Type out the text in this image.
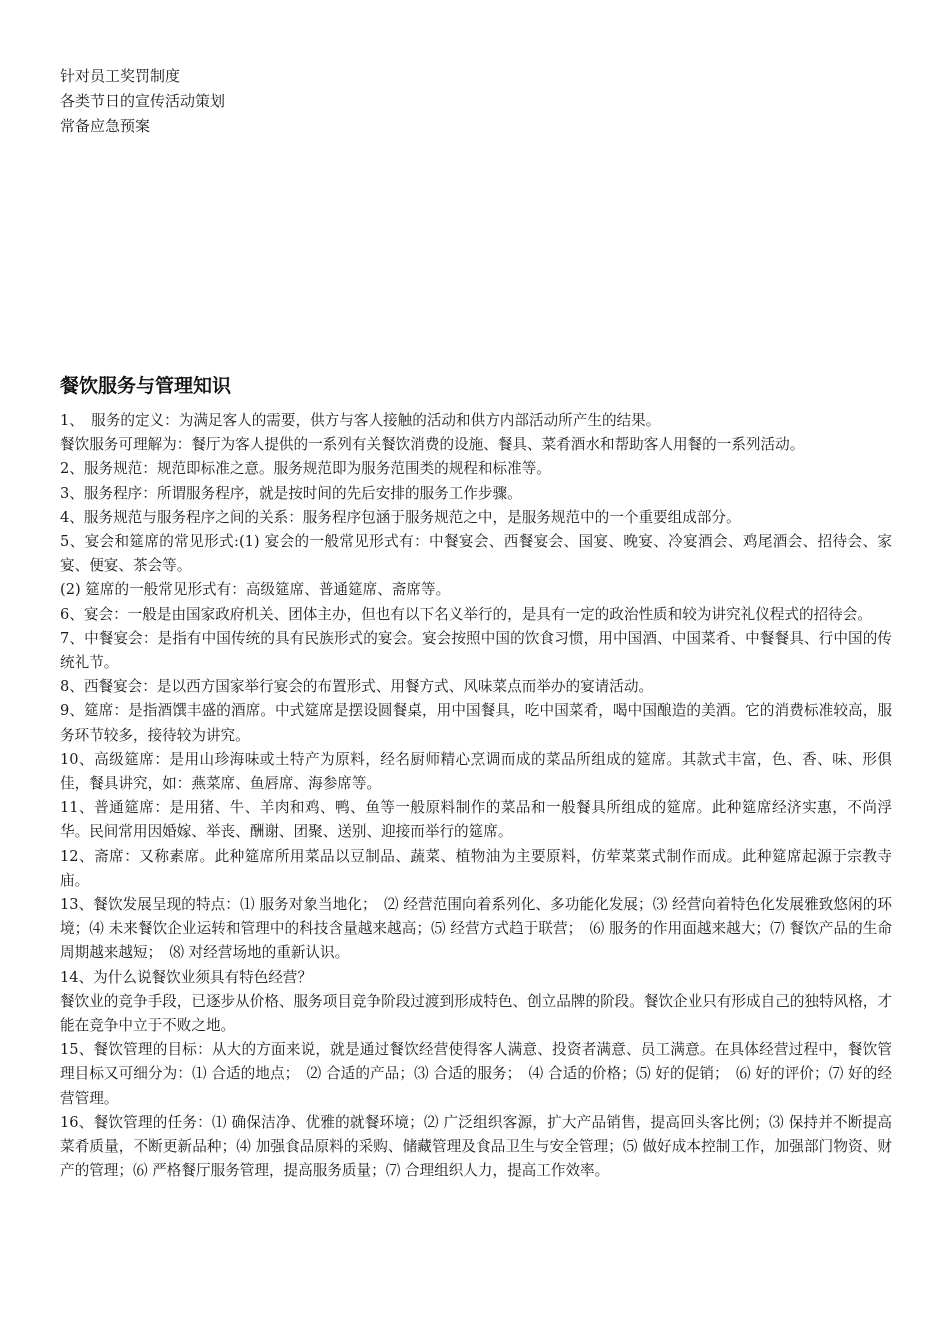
针对员工奖罚制度
各类节日的宣传活动策划
常备应急预案
餐饮服务与管理知识

1、　服务的定义：为满足客人的需要，供方与客人接触的活动和供方内部活动所产生的结果。

餐饮服务可理解为：餐厅为客人提供的一系列有关餐饮消费的设施、餐具、菜肴酒水和帮助客人用餐的一系列活动。

2、服务规范：规范即标准之意。服务规范即为服务范围类的规程和标准等。

3、服务程序：所谓服务程序，就是按时间的先后安排的服务工作步骤。

4、服务规范与服务程序之间的关系：服务程序包涵于服务规范之中，是服务规范中的一个重要组成部分。

5、宴会和筵席的常见形式:(1) 宴会的一般常见形式有：中餐宴会、西餐宴会、国宴、晚宴、冷宴酒会、鸡尾酒会、招待会、家宴、便宴、茶会等。

(2) 筵席的一般常见形式有：高级筵席、普通筵席、斋席等。

6、宴会：一般是由国家政府机关、团体主办，但也有以下名义举行的，是具有一定的政治性质和较为讲究礼仪程式的招待会。

7、中餐宴会：是指有中国传统的具有民族形式的宴会。宴会按照中国的饮食习惯，用中国酒、中国菜肴、中餐餐具、行中国的传统礼节。

8、西餐宴会：是以西方国家举行宴会的布置形式、用餐方式、风味菜点而举办的宴请活动。

9、筵席：是指酒馔丰盛的酒席。中式筵席是摆设圆餐桌，用中国餐具，吃中国菜肴，喝中国酿造的美酒。它的消费标准较高，服务环节较多，接待较为讲究。

10、高级筵席：是用山珍海味或土特产为原料，经名厨师精心烹调而成的菜品所组成的筵席。其款式丰富，色、香、味、形俱佳，餐具讲究，如：燕菜席、鱼唇席、海参席等。

11、普通筵席：是用猪、牛、羊肉和鸡、鸭、鱼等一般原料制作的菜品和一般餐具所组成的筵席。此种筵席经济实惠，不尚浮华。民间常用因婚嫁、举丧、酬谢、团聚、送别、迎接而举行的筵席。

12、斋席：又称素席。此种筵席所用菜品以豆制品、蔬菜、植物油为主要原料，仿荤菜菜式制作而成。此种筵席起源于宗教寺庙。

13、餐饮发展呈现的特点：⑴ 服务对象当地化；　⑵ 经营范围向着系列化、多功能化发展；⑶ 经营向着特色化发展雅致悠闲的环境；⑷ 未来餐饮企业运转和管理中的科技含量越来越高；⑸ 经营方式趋于联营；　⑹ 服务的作用面越来越大；⑺ 餐饮产品的生命周期越来越短；　⑻ 对经营场地的重新认识。

14、为什么说餐饮业须具有特色经营？

餐饮业的竞争手段，已逐步从价格、服务项目竞争阶段过渡到形成特色、创立品牌的阶段。餐饮企业只有形成自己的独特风格，才能在竞争中立于不败之地。

15、餐饮管理的目标：从大的方面来说，就是通过餐饮经营使得客人满意、投资者满意、员工满意。在具体经营过程中，餐饮管理目标又可细分为：⑴ 合适的地点；　⑵ 合适的产品；⑶ 合适的服务；　⑷ 合适的价格；⑸ 好的促销；　⑹ 好的评价；⑺ 好的经营管理。

16、餐饮管理的任务：⑴ 确保洁净、优雅的就餐环境；⑵ 广泛组织客源，扩大产品销售，提高回头客比例；⑶ 保持并不断提高菜肴质量，不断更新品种；⑷ 加强食品原料的采购、储藏管理及食品卫生与安全管理；⑸ 做好成本控制工作，加强部门物资、财产的管理；⑹ 严格餐厅服务管理，提高服务质量；⑺ 合理组织人力，提高工作效率。
